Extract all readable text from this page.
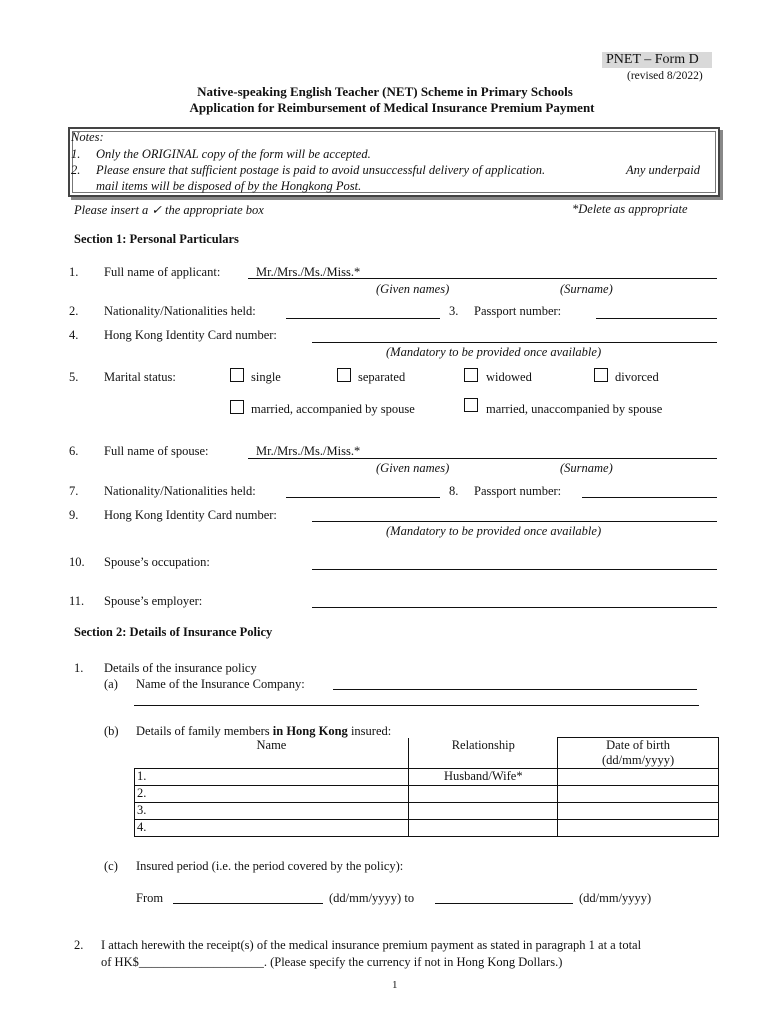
PNET – Form D
(revised 8/2022)
Native-speaking English Teacher (NET) Scheme in Primary Schools
Application for Reimbursement of Medical Insurance Premium Payment
Notes:
1. Only the ORIGINAL copy of the form will be accepted.
2. Please ensure that sufficient postage is paid to avoid unsuccessful delivery of application.	Any underpaid
mail items will be disposed of by the Hongkong Post.
Please insert a ✓ the appropriate box	*Delete as appropriate
Section 1: Personal Particulars
1. Full name of applicant:	Mr./Mrs./Ms./Miss.*
(Given names)	(Surname)
2. Nationality/Nationalities held:	3. Passport number:
4. Hong Kong Identity Card number:
(Mandatory to be provided once available)
5. Marital status:	single	separated	widowed	divorced
married, accompanied by spouse	married, unaccompanied by spouse
6. Full name of spouse:	Mr./Mrs./Ms./Miss.*
(Given names)	(Surname)
7. Nationality/Nationalities held:	8. Passport number:
9. Hong Kong Identity Card number:
(Mandatory to be provided once available)
10. Spouse’s occupation:
11. Spouse’s employer:
Section 2: Details of Insurance Policy
1. Details of the insurance policy
(a) Name of the Insurance Company:
(b) Details of family members in Hong Kong insured:
Name	Relationship	Date of birth
(dd/mm/yyyy)
1.	Husband/Wife*	
2.		
3.		
4.		
(c) Insured period (i.e. the period covered by the policy):
From	(dd/mm/yyyy) to	(dd/mm/yyyy)
2. I attach herewith the receipt(s) of the medical insurance premium payment as stated in paragraph 1 at a total
of HK$____________________. (Please specify the currency if not in Hong Kong Dollars.)
1
